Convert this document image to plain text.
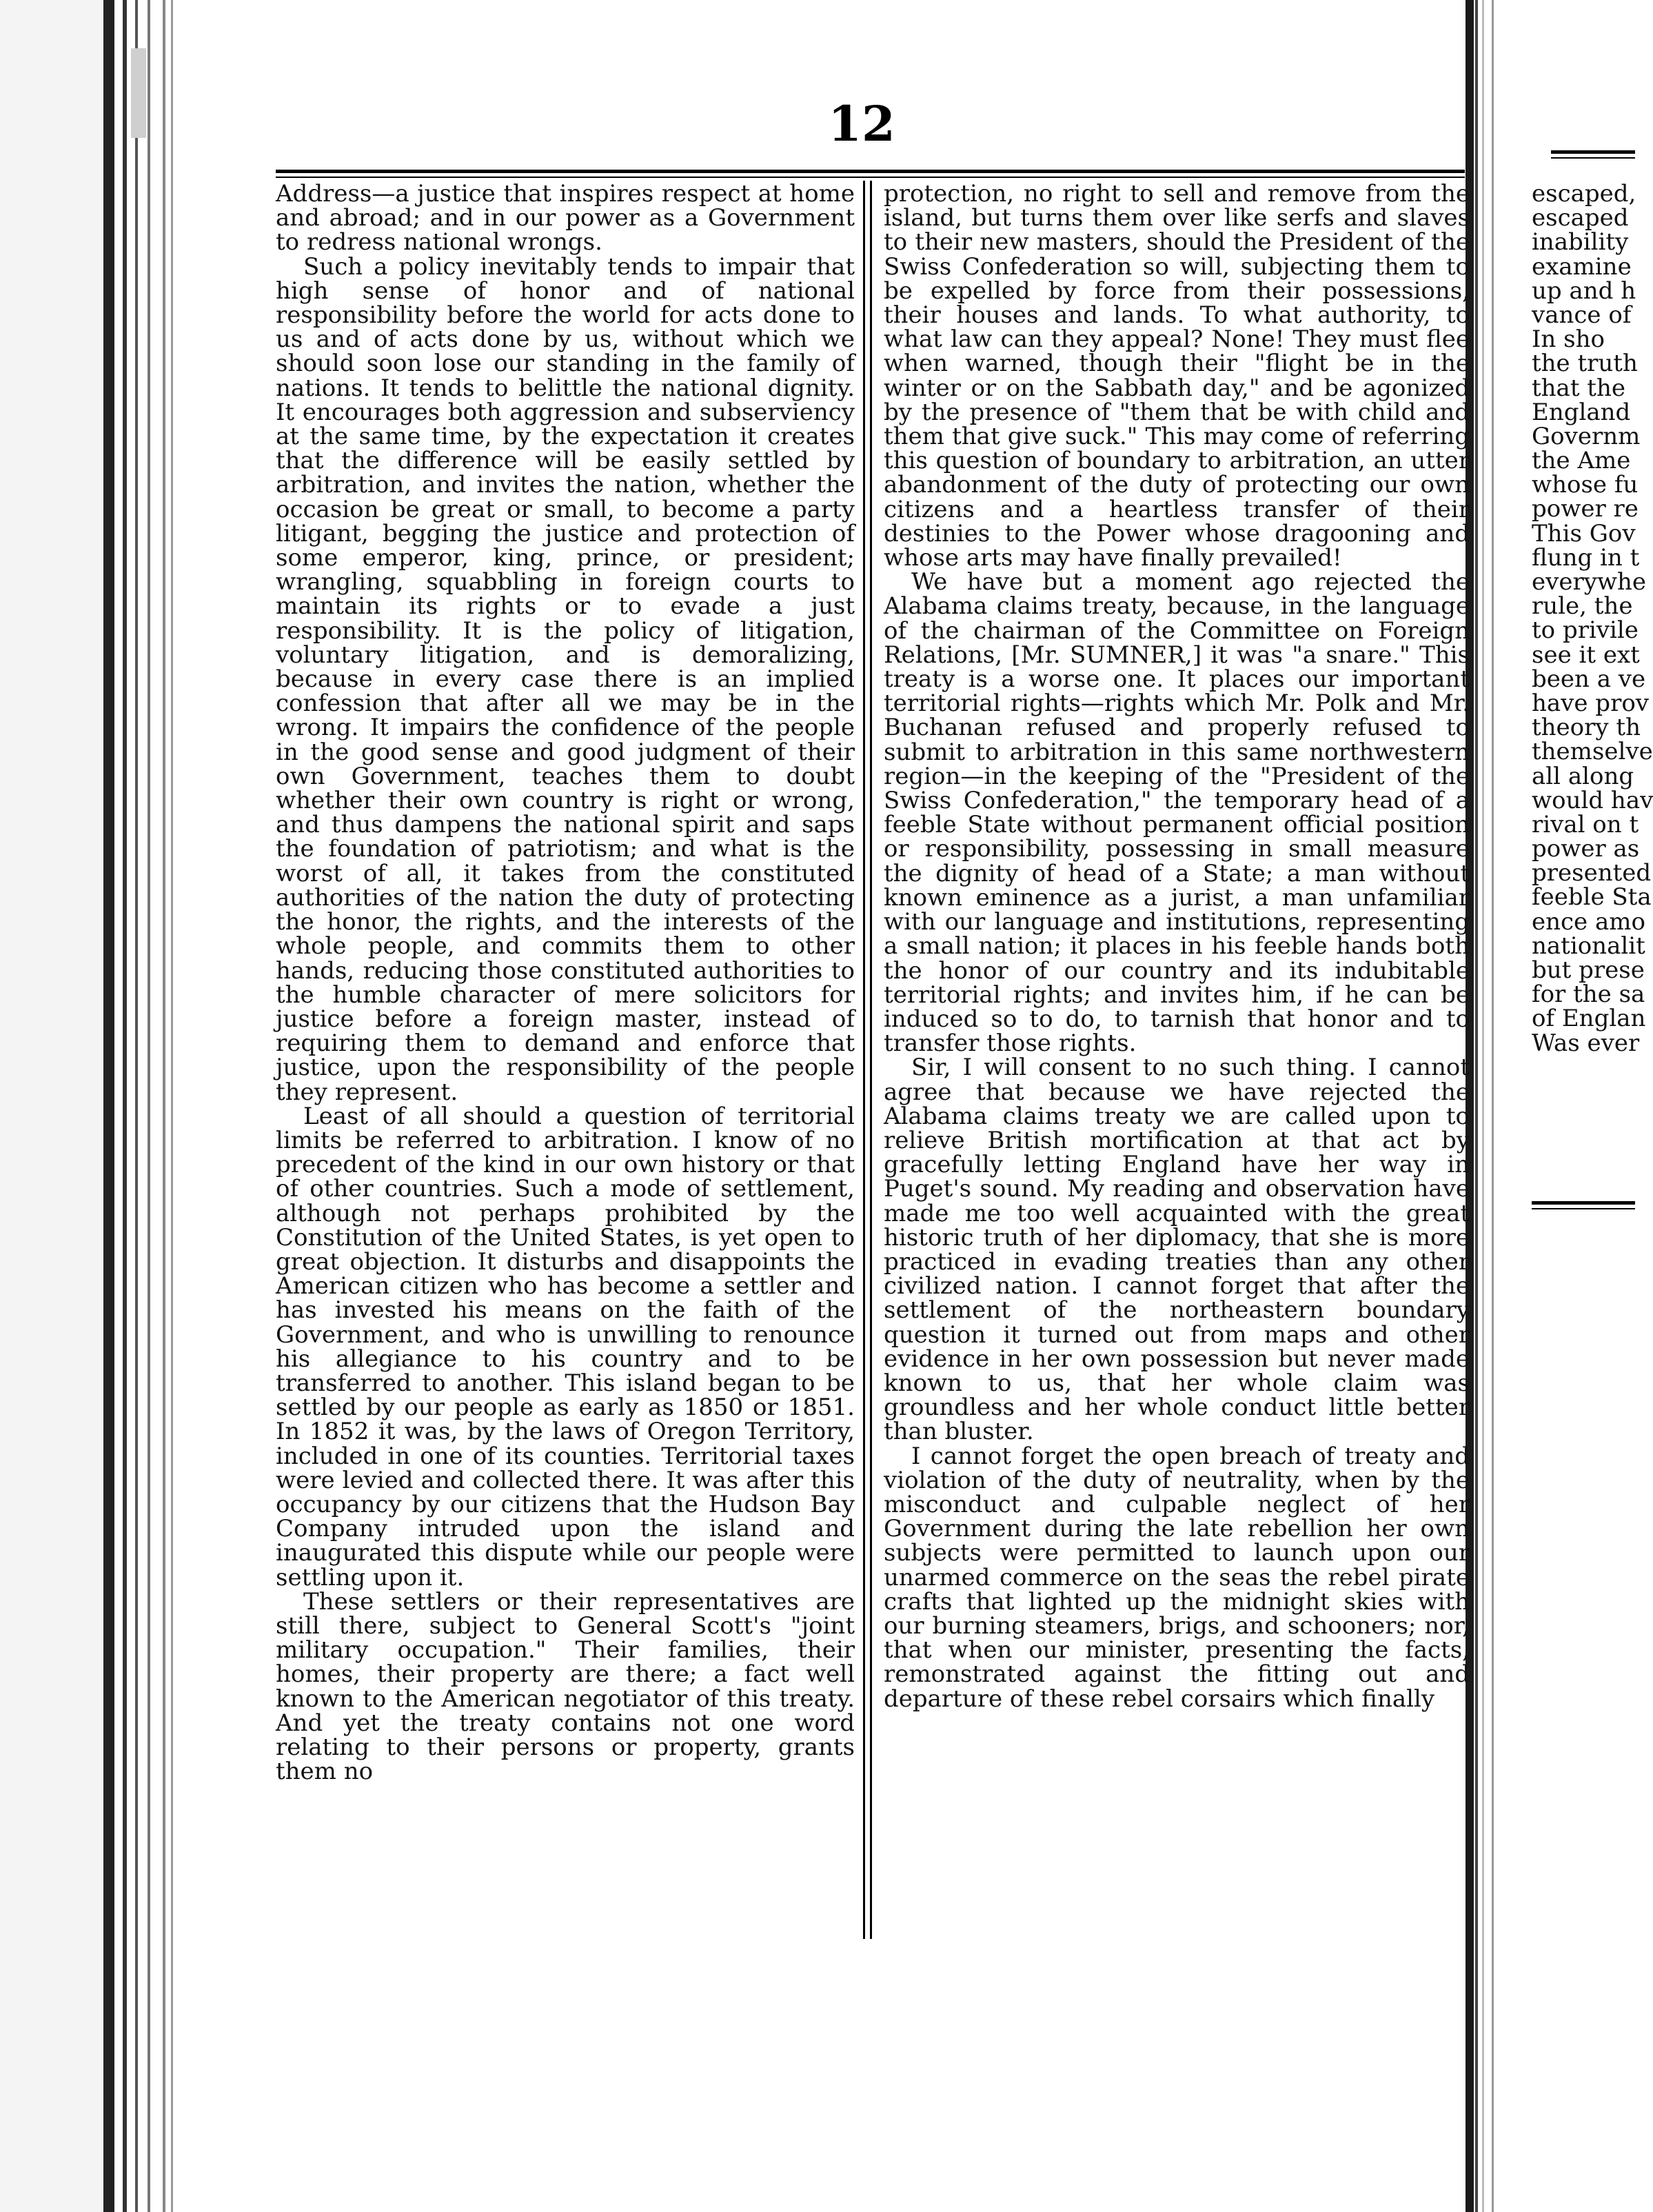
12

Address—a justice that inspires respect at home and abroad; and in our power as a Government to redress national wrongs.

Such a policy inevitably tends to impair that high sense of honor and of national responsibility before the world for acts done to us and of acts done by us, without which we should soon lose our standing in the family of nations. It tends to belittle the national dignity. It encourages both aggression and subserviency at the same time, by the expectation it creates that the difference will be easily settled by arbitration, and invites the nation, whether the occasion be great or small, to become a party litigant, begging the justice and protection of some emperor, king, prince, or president; wrangling, squabbling in foreign courts to maintain its rights or to evade a just responsibility. It is the policy of litigation, voluntary litigation, and is demoralizing, because in every case there is an implied confession that after all we may be in the wrong. It impairs the confidence of the people in the good sense and good judgment of their own Government, teaches them to doubt whether their own country is right or wrong, and thus dampens the national spirit and saps the foundation of patriotism; and what is the worst of all, it takes from the constituted authorities of the nation the duty of protecting the honor, the rights, and the interests of the whole people, and commits them to other hands, reducing those constituted authorities to the humble character of mere solicitors for justice before a foreign master, instead of requiring them to demand and enforce that justice, upon the responsibility of the people they represent.

Least of all should a question of territorial limits be referred to arbitration. I know of no precedent of the kind in our own history or that of other countries. Such a mode of settlement, although not perhaps prohibited by the Constitution of the United States, is yet open to great objection. It disturbs and disappoints the American citizen who has become a settler and has invested his means on the faith of the Government, and who is unwilling to renounce his allegiance to his country and to be transferred to another. This island began to be settled by our people as early as 1850 or 1851. In 1852 it was, by the laws of Oregon Territory, included in one of its counties. Territorial taxes were levied and collected there. It was after this occupancy by our citizens that the Hudson Bay Company intruded upon the island and inaugurated this dispute while our people were settling upon it.

These settlers or their representatives are still there, subject to General Scott's "joint military occupation." Their families, their homes, their property are there; a fact well known to the American negotiator of this treaty. And yet the treaty contains not one word relating to their persons or property, grants them no

protection, no right to sell and remove from the island, but turns them over like serfs and slaves to their new masters, should the President of the Swiss Confederation so will, subjecting them to be expelled by force from their possessions, their houses and lands. To what authority, to what law can they appeal? None! They must flee when warned, though their "flight be in the winter or on the Sabbath day," and be agonized by the presence of "them that be with child and them that give suck." This may come of referring this question of boundary to arbitration, an utter abandonment of the duty of protecting our own citizens and a heartless transfer of their destinies to the Power whose dragooning and whose arts may have finally prevailed!

We have but a moment ago rejected the Alabama claims treaty, because, in the language of the chairman of the Committee on Foreign Relations, [Mr. SUMNER,] it was "a snare." This treaty is a worse one. It places our important territorial rights—rights which Mr. Polk and Mr. Buchanan refused and properly refused to submit to arbitration in this same northwestern region—in the keeping of the "President of the Swiss Confederation," the temporary head of a feeble State without permanent official position or responsibility, possessing in small measure the dignity of head of a State; a man without known eminence as a jurist, a man unfamiliar with our language and institutions, representing a small nation; it places in his feeble hands both the honor of our country and its indubitable territorial rights; and invites him, if he can be induced so to do, to tarnish that honor and to transfer those rights.

Sir, I will consent to no such thing. I cannot agree that because we have rejected the Alabama claims treaty we are called upon to relieve British mortification at that act by gracefully letting England have her way in Puget's sound. My reading and observation have made me too well acquainted with the great historic truth of her diplomacy, that she is more practiced in evading treaties than any other civilized nation. I cannot forget that after the settlement of the northeastern boundary question it turned out from maps and other evidence in her own possession but never made known to us, that her whole claim was groundless and her whole conduct little better than bluster.

I cannot forget the open breach of treaty and violation of the duty of neutrality, when by the misconduct and culpable neglect of her Government during the late rebellion her own subjects were permitted to launch upon our unarmed commerce on the seas the rebel pirate crafts that lighted up the midnight skies with our burning steamers, brigs, and schooners; nor, that when our minister, presenting the facts, remonstrated against the fitting out and departure of these rebel corsairs which finally

escaped,
escaped
inability
examine
up and h
vance of
In sho
the truth
that the
England
Governm
the Ame
whose fu
power re
This Gov
flung in t
everywhe
rule, the
to privile
see it ext
been a ve
have prov
theory th
themselve
all along
would hav
rival on t
power as
presented
feeble Sta
ence amo
nationalit
but prese
for the sa
of Englan
Was ever
